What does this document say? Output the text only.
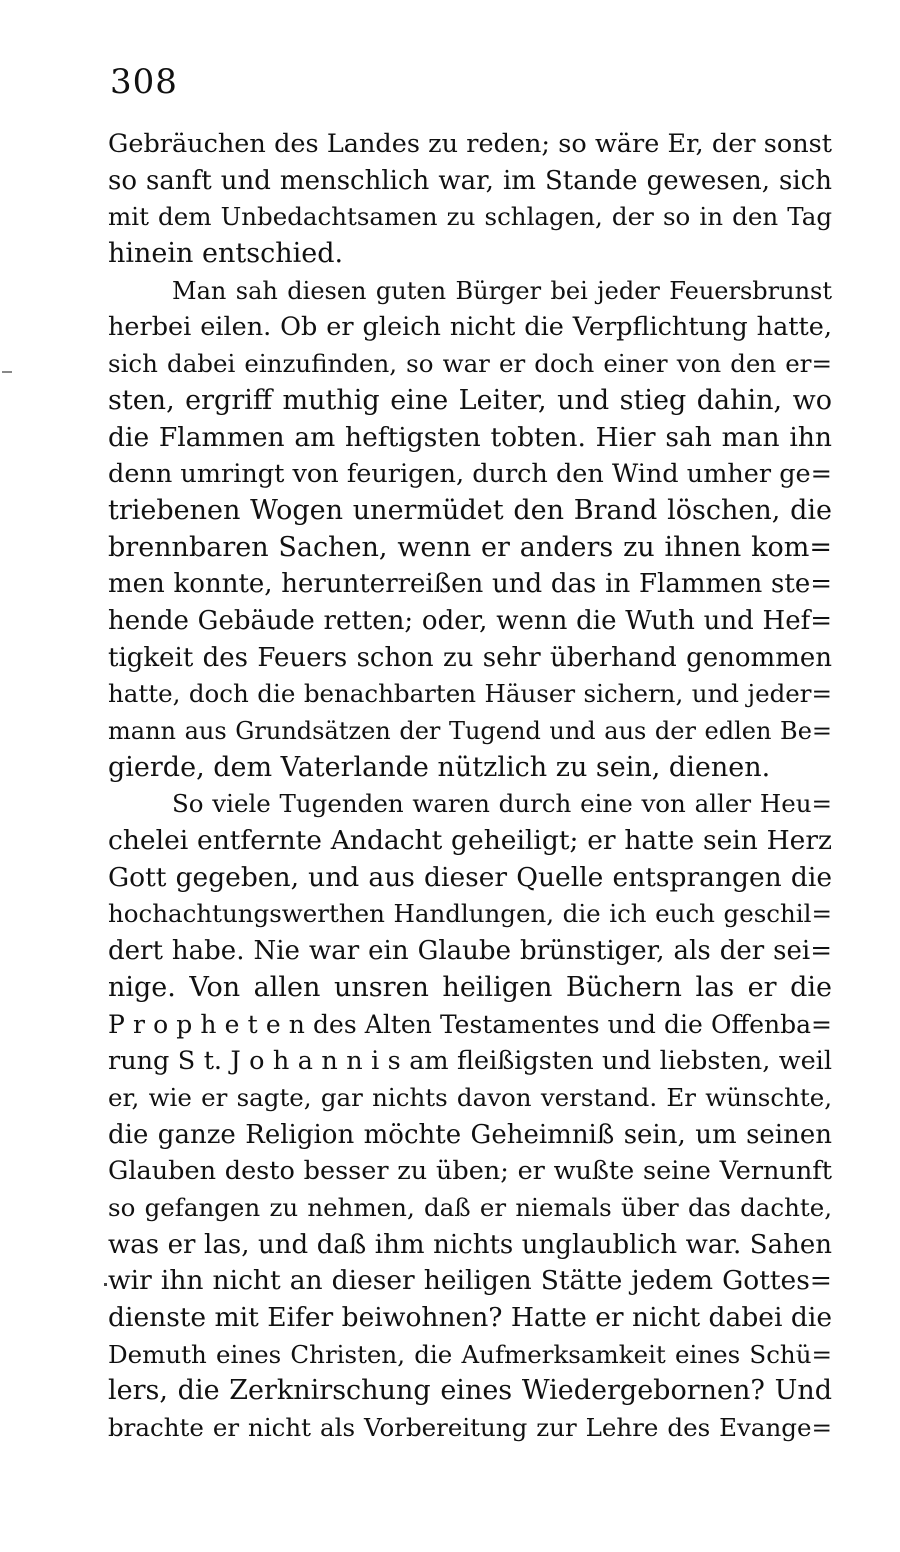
308
Gebräuchen des Landes zu reden; so wäre Er, der sonst
so sanft und menschlich war, im Stande gewesen, sich
mit dem Unbedachtsamen zu schlagen, der so in den Tag
hinein entschied.
Man sah diesen guten Bürger bei jeder Feuersbrunst
herbei eilen. Ob er gleich nicht die Verpflichtung hatte,
sich dabei einzufinden, so war er doch einer von den er=
sten, ergriff muthig eine Leiter, und stieg dahin, wo
die Flammen am heftigsten tobten. Hier sah man ihn
denn umringt von feurigen, durch den Wind umher ge=
triebenen Wogen unermüdet den Brand löschen, die
brennbaren Sachen, wenn er anders zu ihnen kom=
men konnte, herunterreißen und das in Flammen ste=
hende Gebäude retten; oder, wenn die Wuth und Hef=
tigkeit des Feuers schon zu sehr überhand genommen
hatte, doch die benachbarten Häuser sichern, und jeder=
mann aus Grundsätzen der Tugend und aus der edlen Be=
gierde, dem Vaterlande nützlich zu sein, dienen.
So viele Tugenden waren durch eine von aller Heu=
chelei entfernte Andacht geheiligt; er hatte sein Herz
Gott gegeben, und aus dieser Quelle entsprangen die
hochachtungswerthen Handlungen, die ich euch geschil=
dert habe. Nie war ein Glaube brünstiger, als der sei=
nige. Von allen unsren heiligen Büchern las er die
P r o p h e t e n des Alten Testamentes und die Offenba=
rung S t. J o h a n n i s am fleißigsten und liebsten, weil
er, wie er sagte, gar nichts davon verstand. Er wünschte,
die ganze Religion möchte Geheimniß sein, um seinen
Glauben desto besser zu üben; er wußte seine Vernunft
so gefangen zu nehmen, daß er niemals über das dachte,
was er las, und daß ihm nichts unglaublich war. Sahen
wir ihn nicht an dieser heiligen Stätte jedem Gottes=
dienste mit Eifer beiwohnen? Hatte er nicht dabei die
Demuth eines Christen, die Aufmerksamkeit eines Schü=
lers, die Zerknirschung eines Wiedergebornen? Und
brachte er nicht als Vorbereitung zur Lehre des Evange=
